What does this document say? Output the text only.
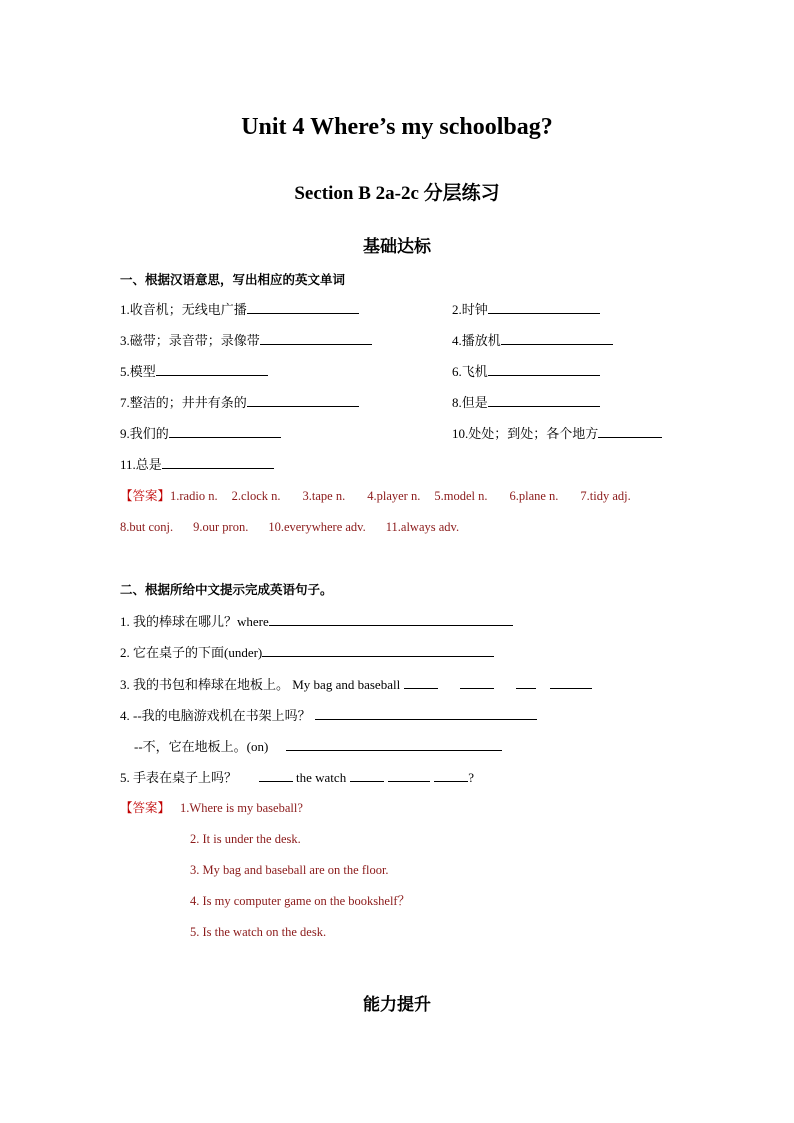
Unit 4 Where’s my schoolbag?
Section B 2a-2c 分层练习
基础达标
一、根据汉语意思，写出相应的英文单词
1.收音机；无线电广播	2.时钟
3.磁带；录音带；录像带	4.播放机
5.模型	6.飞机
7.整洁的；井井有条的	8.但是
9.我们的	10.处处；到处；各个地方
11.总是
【答案】1.radio n. 2.clock n. 3.tape n. 4.player n. 5.model n. 6.plane n. 7.tidy adj.
8.but conj. 9.our pron. 10.everywhere adv. 11.always adv.
二、根据所给中文提示完成英语句子。
1. 我的棒球在哪儿？where
2. 它在桌子的下面(under)
3. 我的书包和棒球在地板上。 My bag and baseball
4. --我的电脑游戏机在书架上吗？
--不，它在地板上。(on)
5. 手表在桌子上吗？	the watch	?
【答案】 1.Where is my baseball?
2. It is under the desk.
3. My bag and baseball are on the floor.
4. Is my computer game on the bookshelf？
5. Is the watch on the desk.
能力提升
